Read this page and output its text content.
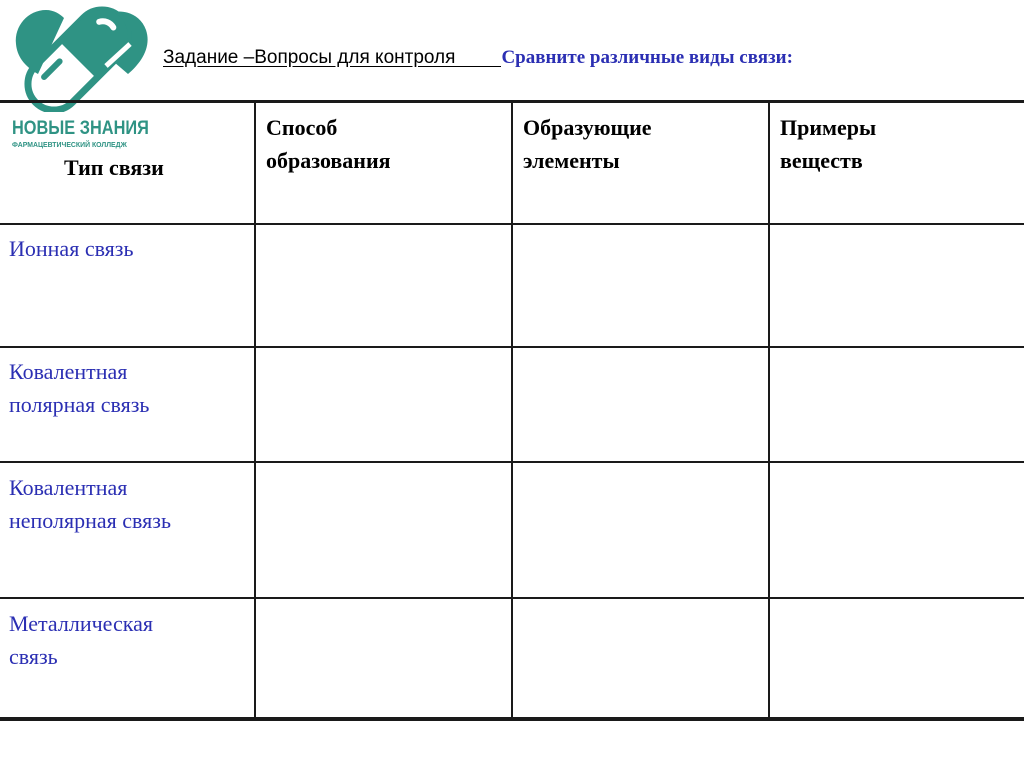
НОВЫЕ ЗНАНИЯ
ФАРМАЦЕВТИЧЕСКИЙ КОЛЛЕДЖ
Задание –Вопросы для контроля Сравните различные виды связи:
Тип связи
Способ
образования
Образующие
элементы
Примеры
веществ
Ионная связь
Ковалентная
полярная связь
Ковалентная
неполярная связь
Металлическая
связь
